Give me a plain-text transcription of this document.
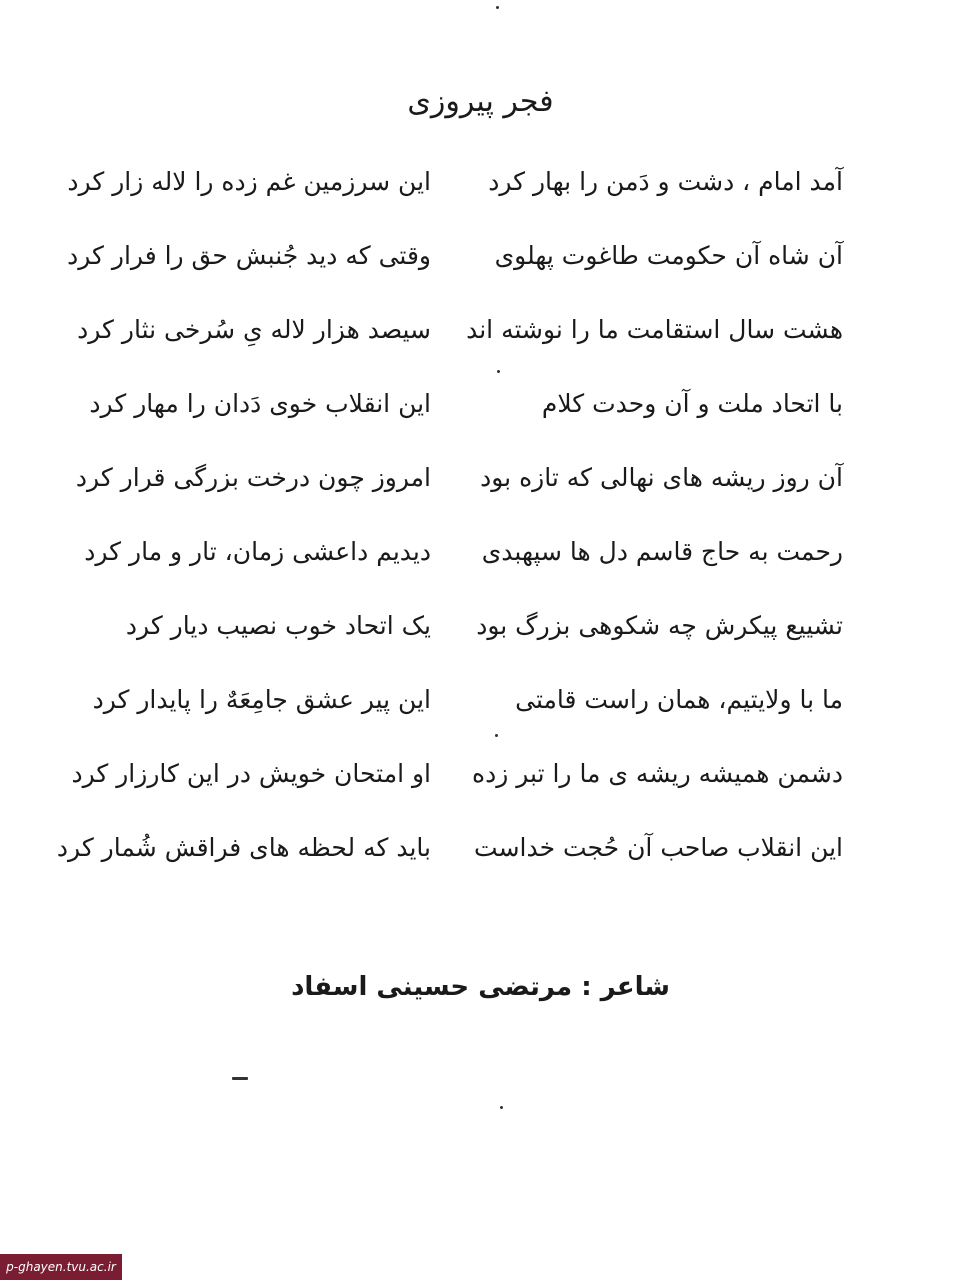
فجر پیروزی
آمد امام ، دشت و دَمن را بهار کرد
این سرزمین غم زده را لاله زار کرد
آن شاه آن حکومت طاغوت پهلوی
وقتی که دید جُنبش حق را فرار کرد
هشت سال استقامت ما را نوشته اند
سیصد هزار لاله یِ سُرخی نثار کرد
با اتحاد ملت و آن وحدت کلام
این انقلاب خوی دَدان را مهار کرد
آن روز ریشه های نهالی که تازه بود
امروز چون درخت بزرگی قرار کرد
رحمت به حاج قاسم دل ها سپهبدی
دیدیم داعشی زمان، تار و مار کرد
تشییع پیکرش چه شکوهی بزرگ بود
یک اتحاد خوب نصیب دیار کرد
ما با ولایتیم، همان راست قامتی
این پیر عشق جامِعَهٌ را پایدار کرد
دشمن همیشه ریشه ی ما را تبر زده
او امتحان خویش در این کارزار کرد
این انقلاب صاحب آن حُجت خداست
باید که لحظه های فراقش شُمار کرد
شاعر : مرتضی حسینی اسفاد
p-ghayen.tvu.ac.ir
